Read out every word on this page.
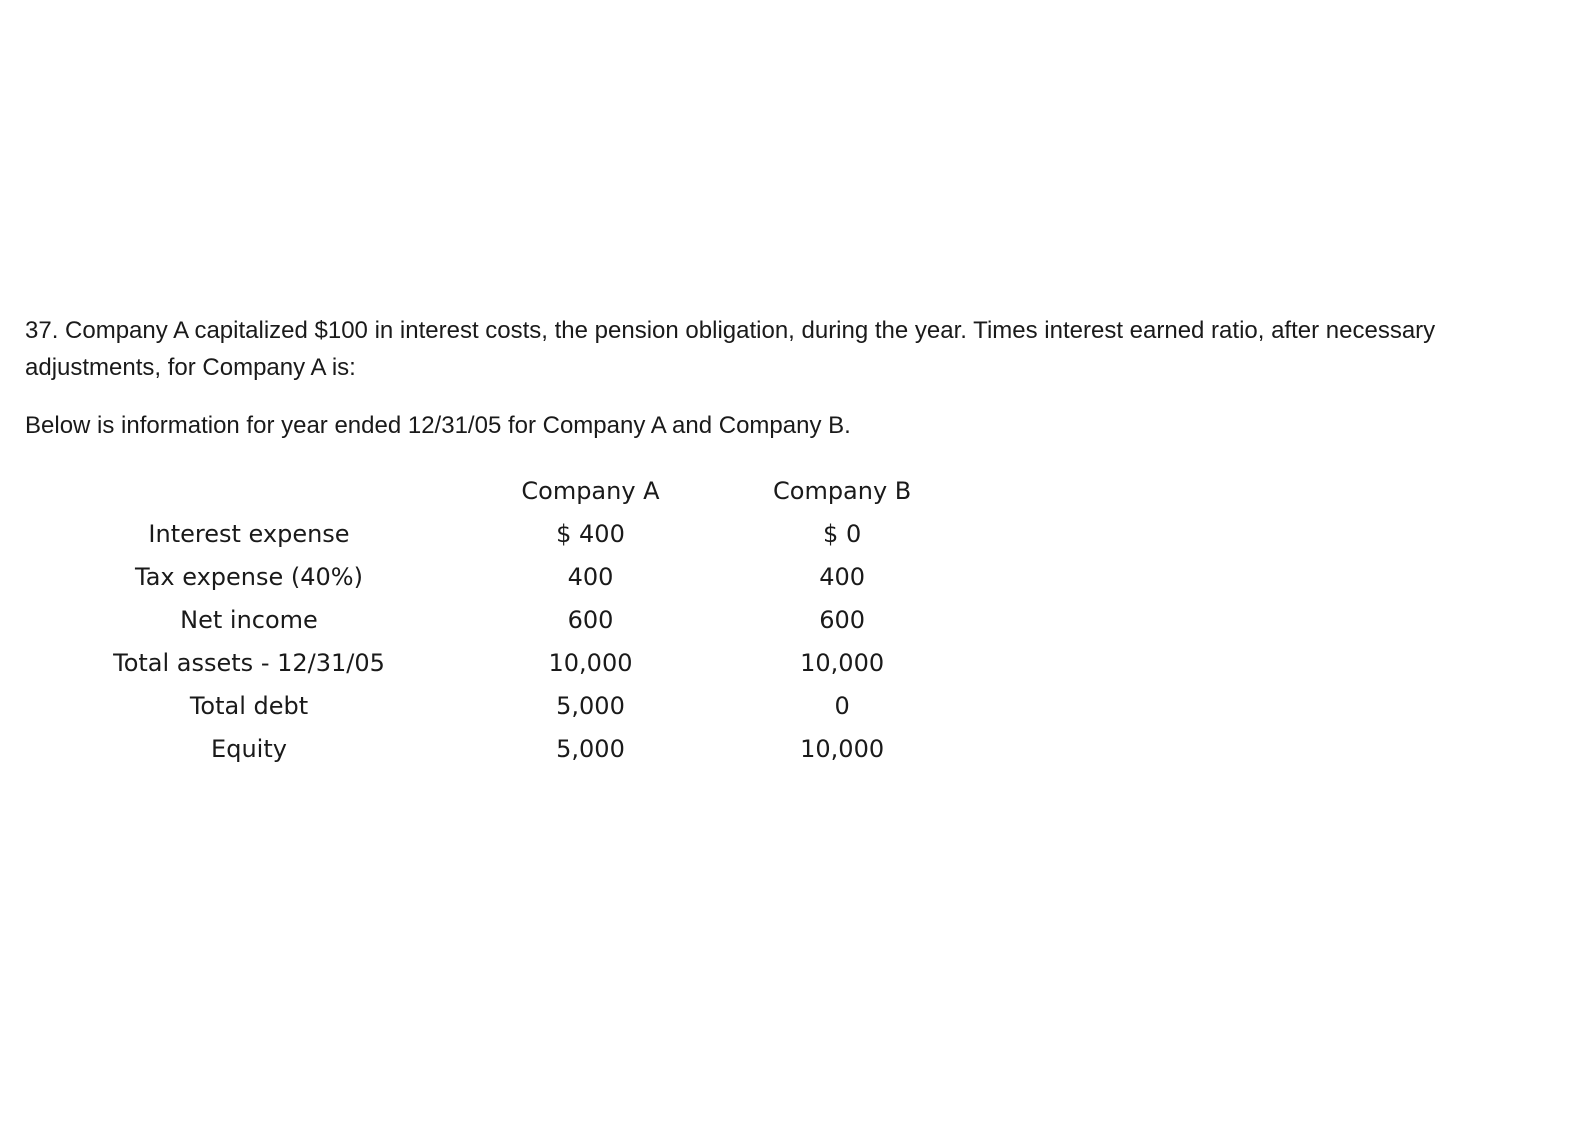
37. Company A capitalized $100 in interest costs, the pension obligation, during the year. Times interest earned ratio, after necessary adjustments, for Company A is:

Below is information for year ended 12/31/05 for Company A and Company B.

	Company A	Company B
Interest expense	$ 400	$ 0
Tax expense (40%)	400	400
Net income	600	600
Total assets - 12/31/05	10,000	10,000
Total debt	5,000	0
Equity	5,000	10,000
